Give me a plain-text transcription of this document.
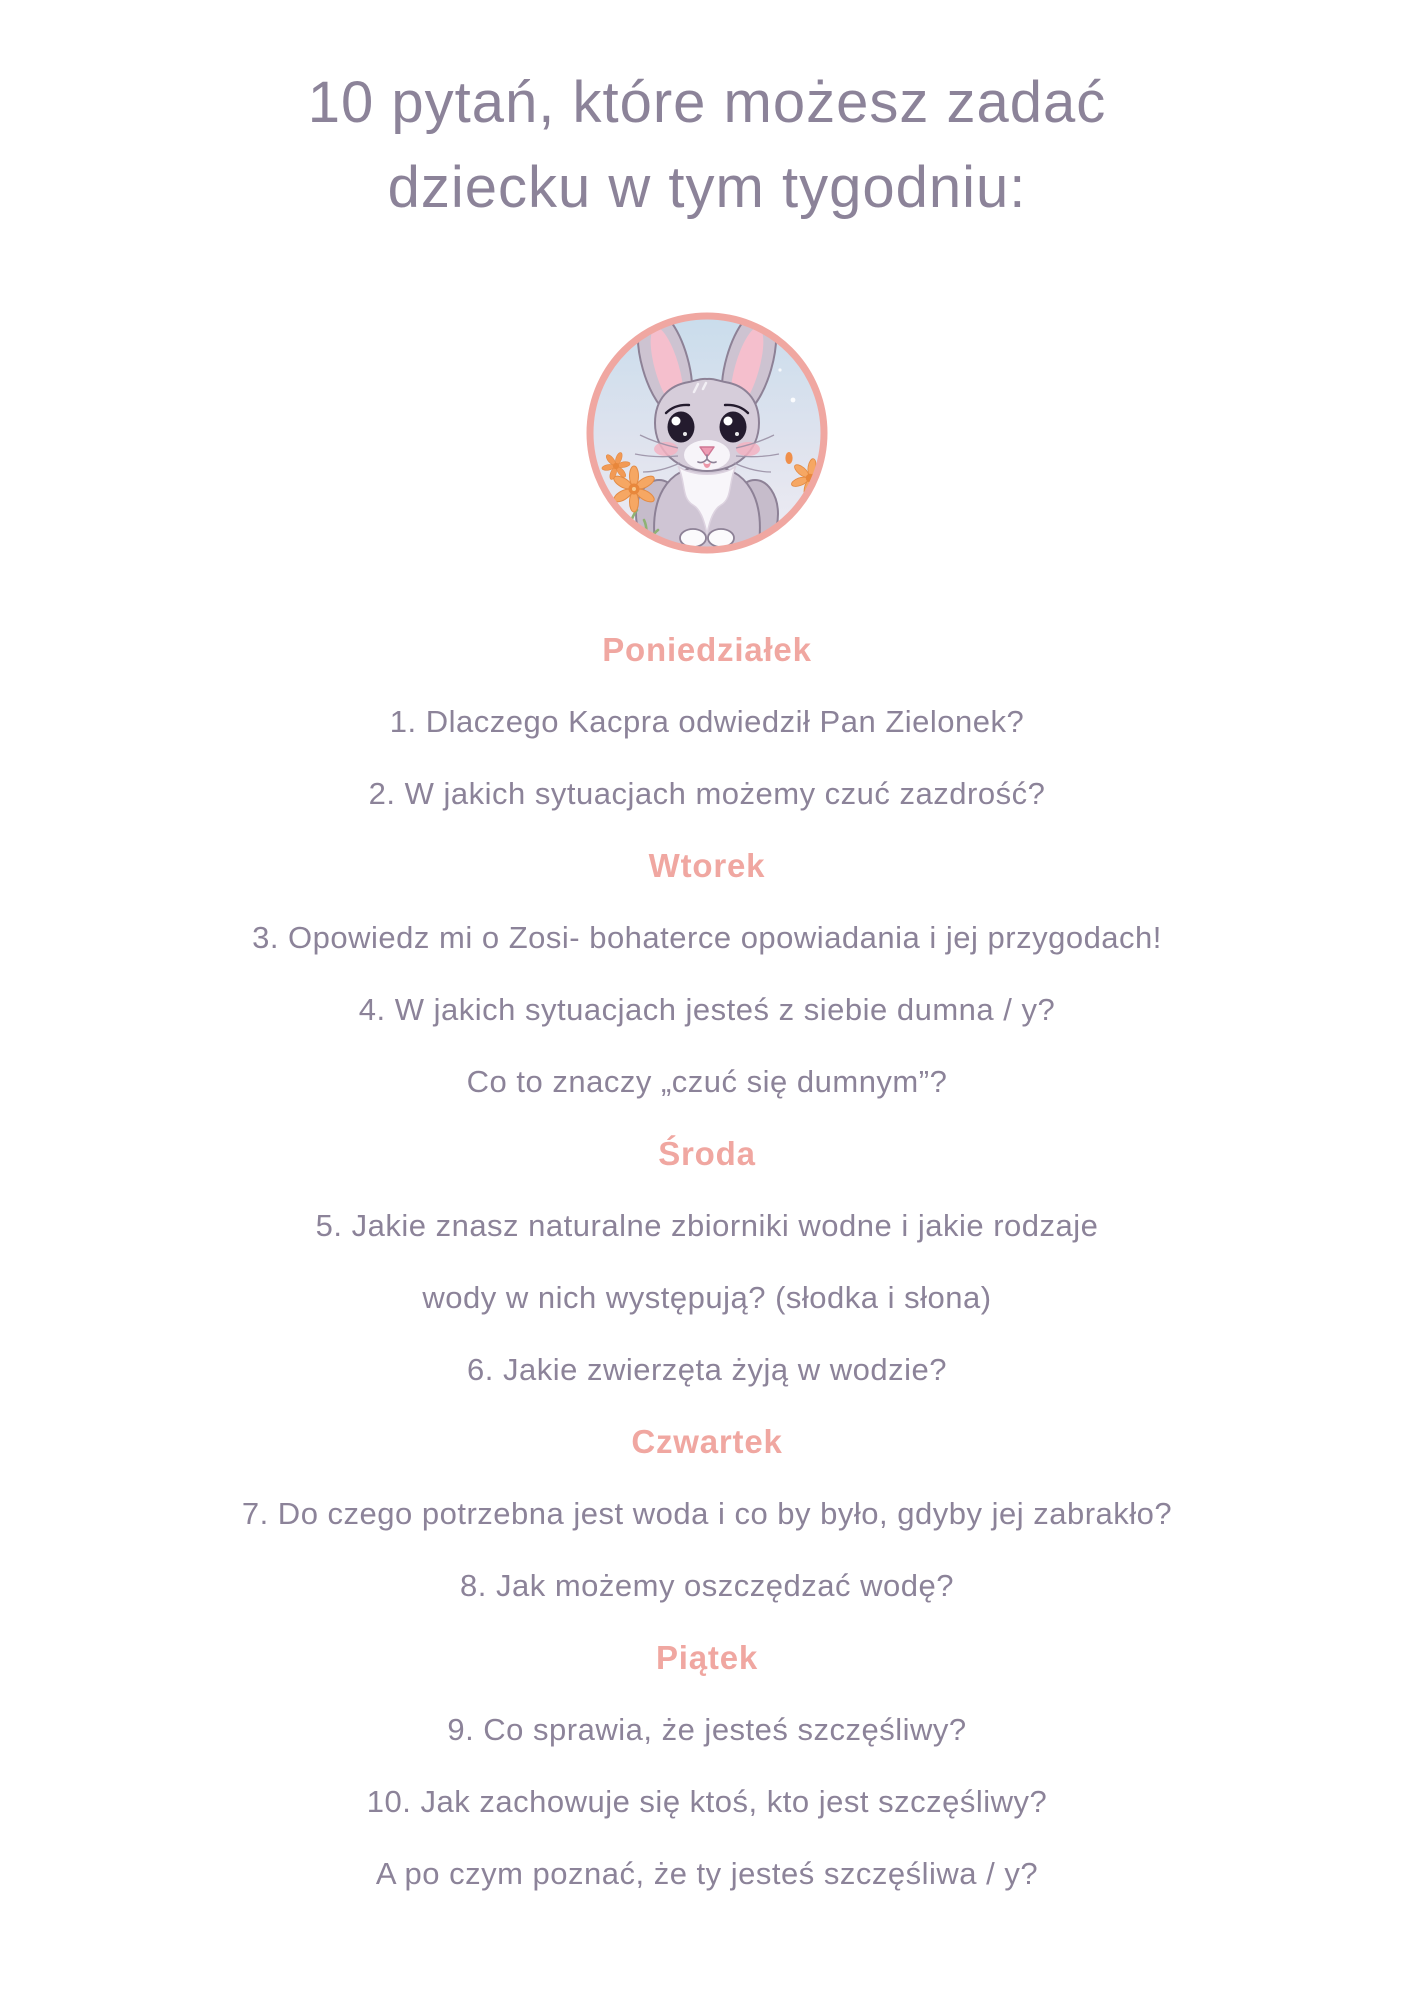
10 pytań, które możesz zadać
dziecku w tym tygodniu:
Poniedziałek
1. Dlaczego Kacpra odwiedził Pan Zielonek?
2. W jakich sytuacjach możemy czuć zazdrość?
Wtorek
3. Opowiedz mi o Zosi- bohaterce opowiadania i jej przygodach!
4. W jakich sytuacjach jesteś z siebie dumna / y?
Co to znaczy „czuć się dumnym”?
Środa
5. Jakie znasz naturalne zbiorniki wodne i jakie rodzaje
wody w nich występują? (słodka i słona)
6. Jakie zwierzęta żyją w wodzie?
Czwartek
7. Do czego potrzebna jest woda i co by było, gdyby jej zabrakło?
8. Jak możemy oszczędzać wodę?
Piątek
9. Co sprawia, że jesteś szczęśliwy?
10. Jak zachowuje się ktoś, kto jest szczęśliwy?
A po czym poznać, że ty jesteś szczęśliwa / y?
